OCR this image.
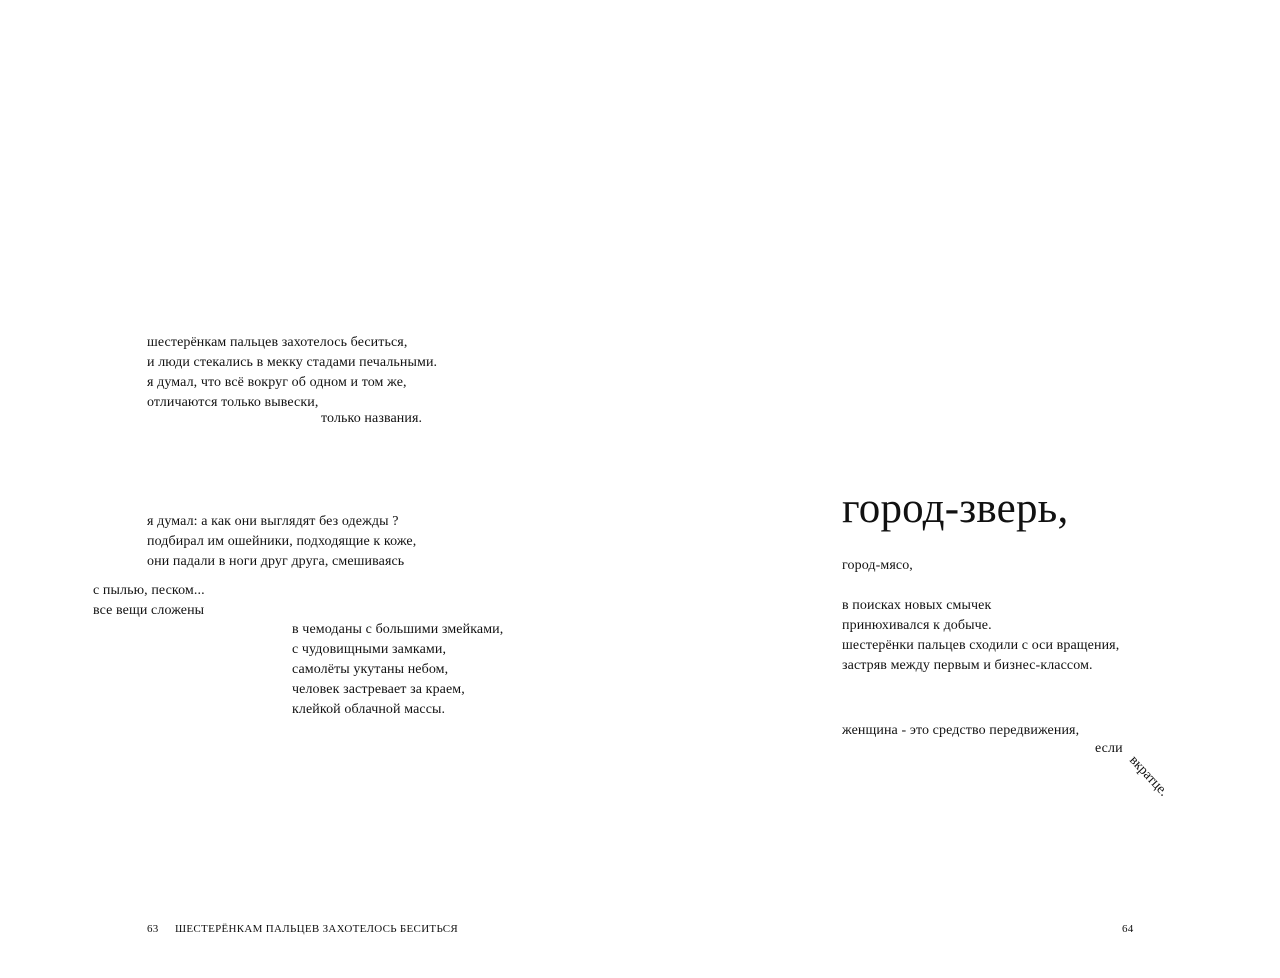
шестерёнкам пальцев захотелось беситься,
и люди стекались в мекку стадами печальными.
я думал, что всё вокруг об одном и том же,
отличаются только вывески,
только названия.
я думал: а как они выглядят без одежды ?
подбирал им ошейники, подходящие к коже,
они падали в ноги друг друга, смешиваясь
с пылью, песком...
все вещи сложены
в чемоданы с большими змейками,
с чудовищными замками,
самолёты укутаны небом,
человек застревает за краем,
клейкой облачной массы.
63 ШЕСТЕРЁНКАМ ПАЛЬЦЕВ ЗАХОТЕЛОСЬ БЕСИТЬСЯ
город-зверь,
город-мясо,
в поисках новых смычек
принюхивался к добыче.
шестерёнки пальцев сходили с оси вращения,
застряв между первым и бизнес-классом.
женщина - это средство передвижения,
если
вкратце.
64
